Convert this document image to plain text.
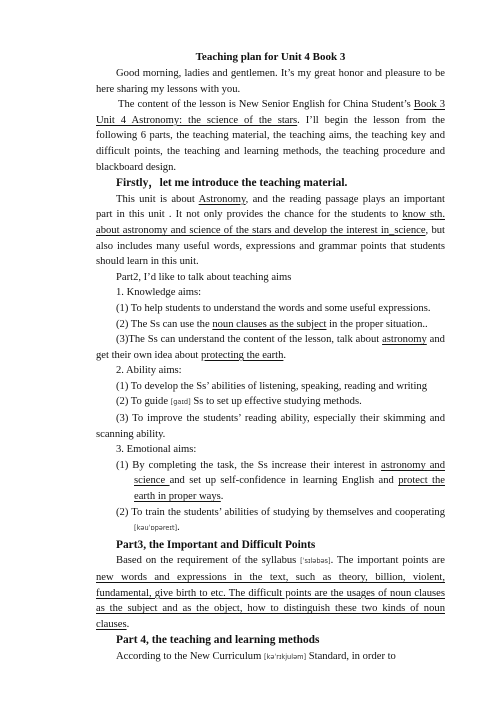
Teaching plan for Unit 4 Book 3

Good morning, ladies and gentlemen. It’s my great honor and pleasure to be here sharing my lessons with you.

The content of the lesson is New Senior English for China Student’s Book 3 Unit 4 Astronomy: the science of the stars. I’ll begin the lesson from the following 6 parts, the teaching material, the teaching aims, the teaching key and difficult points, the teaching and learning methods, the teaching procedure and blackboard design.

Firstly，let me introduce the teaching material.

This unit is about Astronomy, and the reading passage plays an important part in this unit . It not only provides the chance for the students to know sth. about astronomy and science of the stars and develop the interest in_science, but also includes many useful words, expressions and grammar points that students should learn in this unit.

Part2, I’d like to talk about teaching aims

1. Knowledge aims:

(1) To help students to understand the words and some useful expressions.

(2) The Ss can use the noun clauses as the subject in the proper situation..

(3)The Ss can understand the content of the lesson, talk about astronomy and get their own idea about protecting the earth.

2. Ability aims:

(1) To develop the Ss’ abilities of listening, speaking, reading and writing

(2) To guide [gaɪd] Ss to set up effective studying methods.

(3) To improve the students’ reading ability, especially their skimming and scanning ability.

3. Emotional aims:

(1) By completing the task, the Ss increase their interest in astronomy and science and set up self-confidence in learning English and protect the earth in proper ways.

(2) To train the students’ abilities of studying by themselves and cooperating [kəuˈɒpəreɪt].

Part3, the Important and Difficult Points

Based on the requirement of the syllabus [ˈsɪləbəs]. The important points are new words and expressions in the text, such as theory, billion, violent, fundamental, give birth to etc. The difficult points are the usages of noun clauses as the subject and as the object, how to distinguish these two kinds of noun clauses.

Part 4, the teaching and learning methods

According to the New Curriculum [kəˈrɪkjuləm] Standard, in order to
